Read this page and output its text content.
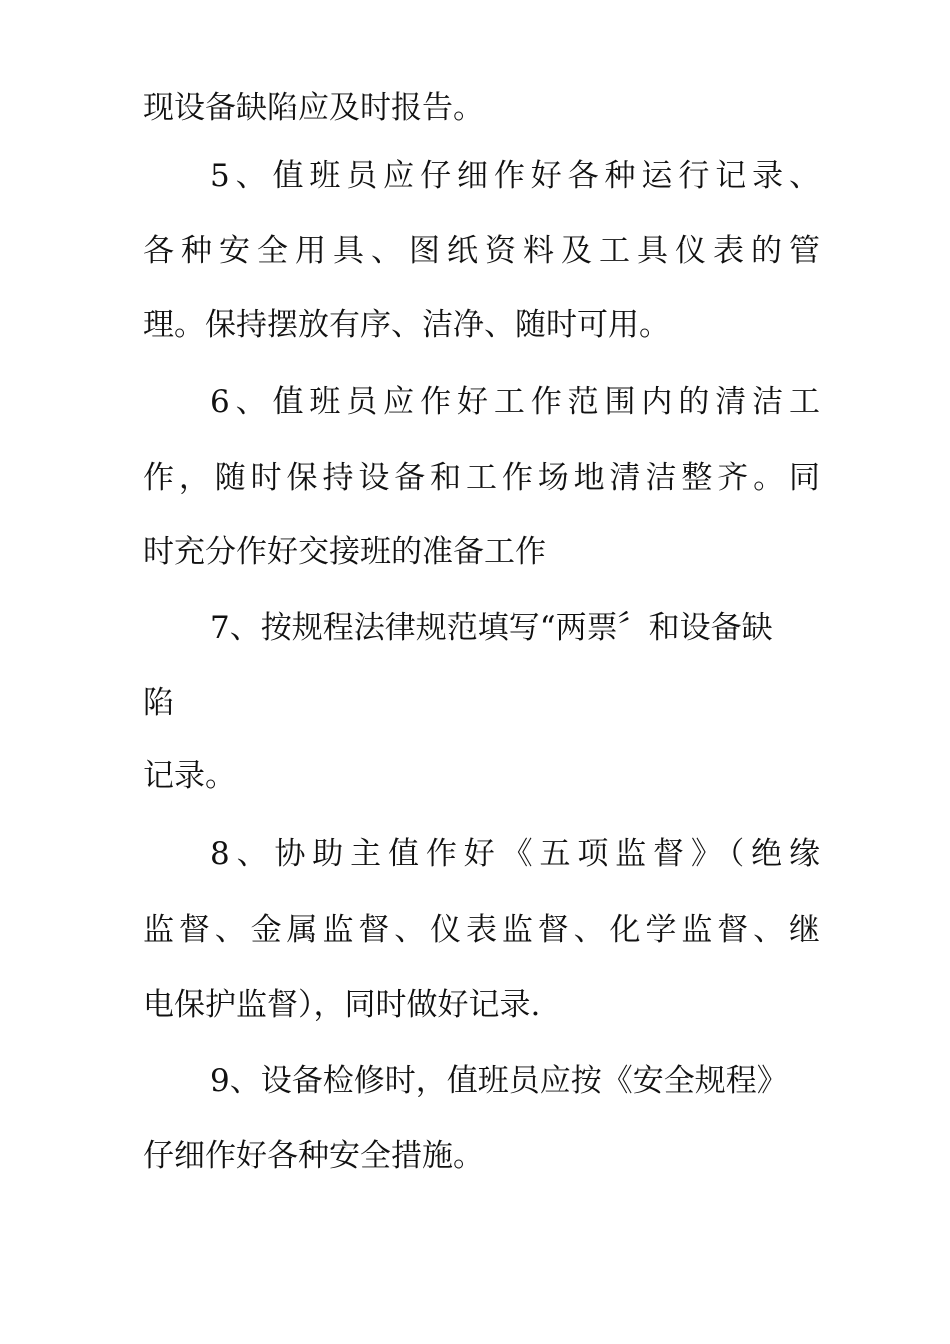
现设备缺陷应及时报告。
5、值班员应仔细作好各种运行记录、
各种安全用具、图纸资料及工具仪表的管
理。保持摆放有序、洁净、随时可用。
6、值班员应作好工作范围内的清洁工
作，随时保持设备和工作场地清洁整齐。同
时充分作好交接班的准备工作
7、按规程法律规范填写“两票〞和设备缺
陷
记录。
8、协助主值作好《五项监督》（绝缘
监督、金属监督、仪表监督、化学监督、继
电保护监督），同时做好记录.
9、设备检修时，值班员应按《安全规程》
仔细作好各种安全措施。
